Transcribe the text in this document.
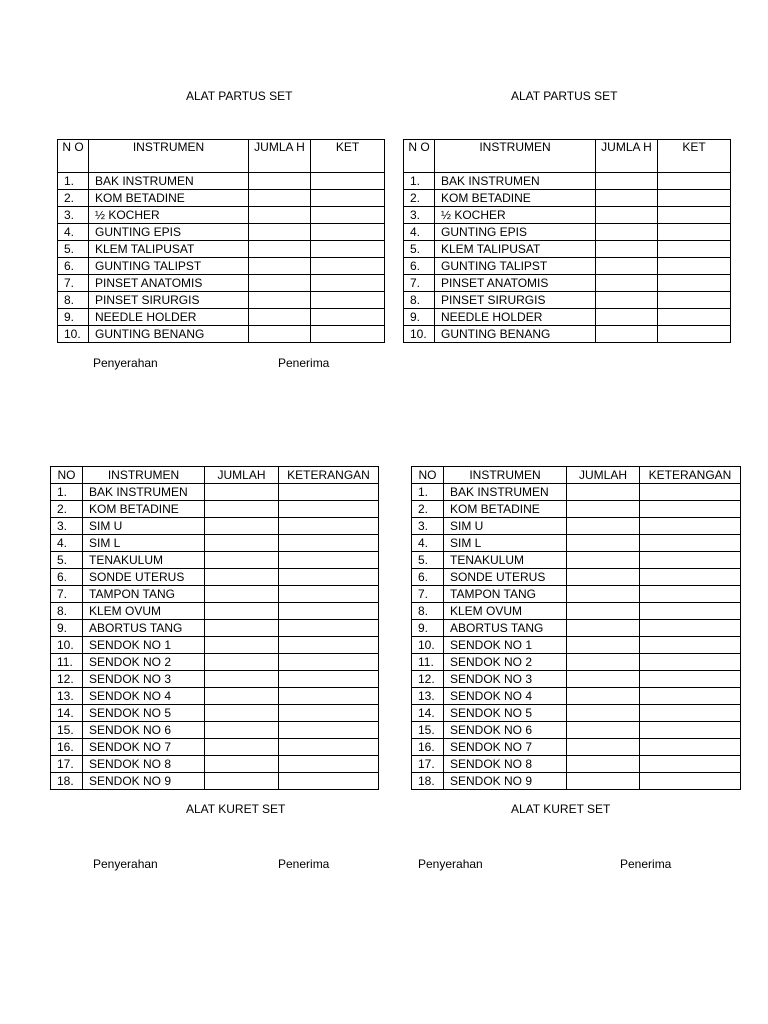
ALAT PARTUS SET
N O	INSTRUMEN	JUMLA H	KET
1.	BAK INSTRUMEN		
2.	KOM BETADINE		
3.	½ KOCHER		
4.	GUNTING EPIS		
5.	KLEM TALIPUSAT		
6.	GUNTING TALIPST		
7.	PINSET ANATOMIS		
8.	PINSET SIRURGIS		
9.	NEEDLE HOLDER		
10.	GUNTING BENANG		
ALAT PARTUS SET
N O	INSTRUMEN	JUMLA H	KET
1.	BAK INSTRUMEN		
2.	KOM BETADINE		
3.	½ KOCHER		
4.	GUNTING EPIS		
5.	KLEM TALIPUSAT		
6.	GUNTING TALIPST		
7.	PINSET ANATOMIS		
8.	PINSET SIRURGIS		
9.	NEEDLE HOLDER		
10.	GUNTING BENANG		
Penyerahan	Penerima
NO	INSTRUMEN	JUMLAH	KETERANGAN
1.	BAK INSTRUMEN		
2.	KOM BETADINE		
3.	SIM U		
4.	SIM L		
5.	TENAKULUM		
6.	SONDE UTERUS		
7.	TAMPON TANG		
8.	KLEM OVUM		
9.	ABORTUS TANG		
10.	SENDOK NO 1		
11.	SENDOK NO 2		
12.	SENDOK NO 3		
13.	SENDOK NO 4		
14.	SENDOK NO 5		
15.	SENDOK NO 6		
16.	SENDOK NO 7		
17.	SENDOK NO 8		
18.	SENDOK NO 9		
NO	INSTRUMEN	JUMLAH	KETERANGAN
1.	BAK INSTRUMEN		
2.	KOM BETADINE		
3.	SIM U		
4.	SIM L		
5.	TENAKULUM		
6.	SONDE UTERUS		
7.	TAMPON TANG		
8.	KLEM OVUM		
9.	ABORTUS TANG		
10.	SENDOK NO 1		
11.	SENDOK NO 2		
12.	SENDOK NO 3		
13.	SENDOK NO 4		
14.	SENDOK NO 5		
15.	SENDOK NO 6		
16.	SENDOK NO 7		
17.	SENDOK NO 8		
18.	SENDOK NO 9		
ALAT KURET SET	ALAT KURET SET
Penyerahan	Penerima	Penyerahan	Penerima
